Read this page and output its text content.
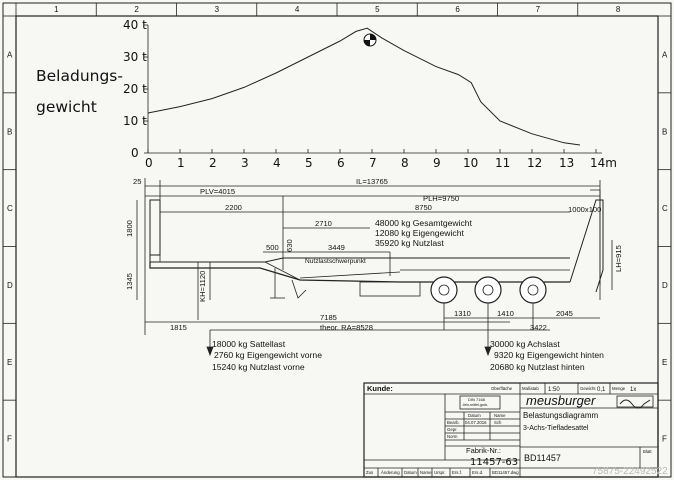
1	2	3	4	5	6	7	8
A	A
B	B
C	C
D	D
E	E
F	F
Beladungs-
gewicht
0 1 2 3 4 5 6 7 8 9 10 11 12 13 14m
0
10 t
20 t
30 t
40 t
25	IL=13765
PLV=4015
PLH=9750
2200	8750	1000x100
2710
3449
500 630
1800
1345	KH=1120
LH=915
1815
7185
theor. RA=8528
1310	1410	2045
3422
Nutzlastschwerpunkt
48000 kg Gesamtgewicht
12080 kg Eigengewicht
35920 kg Nutzlast
18000 kg Sattellast
2760 kg Eigengewicht vorne
15240 kg Nutzlast vorne
30000 kg Achslast
9320 kg Eigengewicht hinten
20680 kg Nutzlast hinten
Kunde:
DIN 7168
-fein-mittel-grob-
Datum	Name
Bearb. 04.07.2016 Sch
Gepr.
Norm
Oberfläche Maßstab 1:50	Gewicht 0,1 Menge 1x
meusburger
Belastungsdiagramm
3-Achs-Tiefladesattel
Fabrik-Nr.:
11457-63 BD11457
Blatt
Zus Änderung Datum Name Urspr. Ers.f. Ers.d. BD11457.dwg	75875-22492522
